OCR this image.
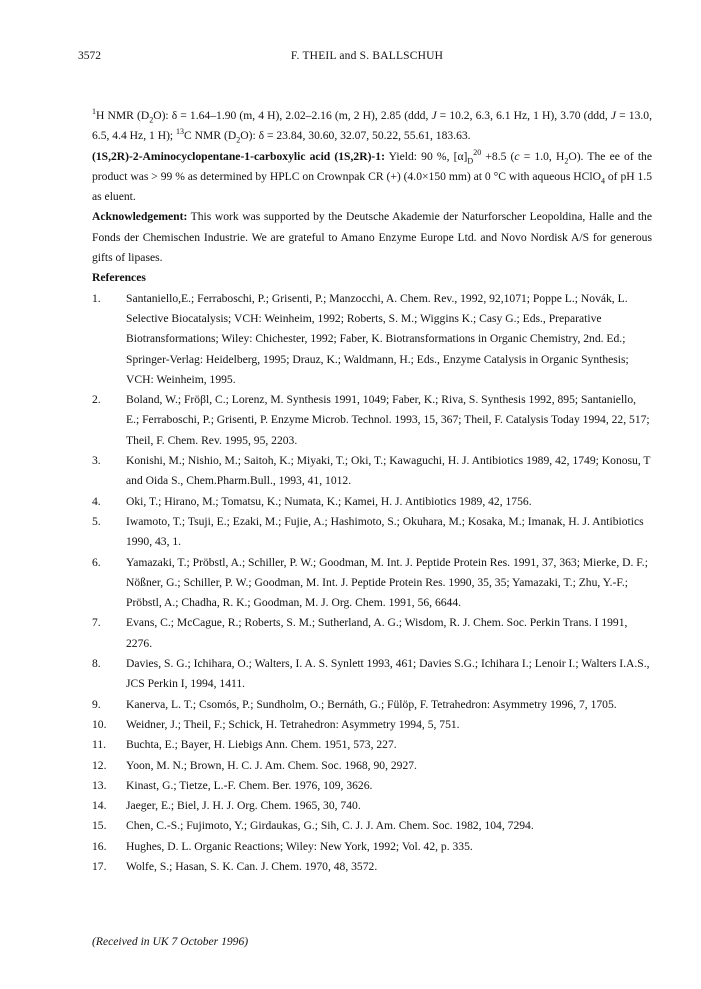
3572	F. THEIL and S. BALLSCHUH

$^1$H NMR $(D_2O)$: δ = 1.64–1.90 (m, 4 H), 2.02–2.16 (m, 2 H), 2.85 (ddd, J = 10.2, 6.3, 6.1 Hz, 1 H), 3.70 (ddd, J = 13.0, 6.5, 4.4 Hz, 1 H); $^{13}$C NMR $(D_2O)$: δ = 23.84, 30.60, 32.07, 50.22, 55.61, 183.63.

(1S,2R)-2-Aminocyclopentane-1-carboxylic acid (1S,2R)-1: Yield: 90 %, $[\alpha]_D^{20} +8.5$ (c = 1.0, $H_2O$). The ee of the product was > 99 % as determined by HPLC on Crownpak CR (+) (4.0×150 mm) at 0 °C with aqueous HClO$_4$ of pH 1.5 as eluent.

Acknowledgement: This work was supported by the Deutsche Akademie der Naturforscher Leopoldina, Halle and the Fonds der Chemischen Industrie. We are grateful to Amano Enzyme Europe Ltd. and Novo Nordisk A/S for generous gifts of lipases.

References

1.	Santaniello,E.; Ferraboschi, P.; Grisenti, P.; Manzocchi, A. Chem. Rev., 1992, 92,1071; Poppe L.; Novák, L. Selective Biocatalysis; VCH: Weinheim, 1992; Roberts, S. M.; Wiggins K.; Casy G.; Eds., Preparative Biotransformations; Wiley: Chichester, 1992; Faber, K. Biotransformations in Organic Chemistry, 2nd. Ed.; Springer-Verlag: Heidelberg, 1995; Drauz, K.; Waldmann, H.; Eds., Enzyme Catalysis in Organic Synthesis; VCH: Weinheim, 1995.
2.	Boland, W.; Fröβl, C.; Lorenz, M. Synthesis 1991, 1049; Faber, K.; Riva, S. Synthesis 1992, 895; Santaniello, E.; Ferraboschi, P.; Grisenti, P. Enzyme Microb. Technol. 1993, 15, 367; Theil, F. Catalysis Today 1994, 22, 517; Theil, F. Chem. Rev. 1995, 95, 2203.
3.	Konishi, M.; Nishio, M.; Saitoh, K.; Miyaki, T.; Oki, T.; Kawaguchi, H. J. Antibiotics 1989, 42, 1749; Konosu, T and Oida S., Chem.Pharm.Bull., 1993, 41, 1012.
4.	Oki, T.; Hirano, M.; Tomatsu, K.; Numata, K.; Kamei, H. J. Antibiotics 1989, 42, 1756.
5.	Iwamoto, T.; Tsuji, E.; Ezaki, M.; Fujie, A.; Hashimoto, S.; Okuhara, M.; Kosaka, M.; Imanak, H. J. Antibiotics 1990, 43, 1.
6.	Yamazaki, T.; Pröbstl, A.; Schiller, P. W.; Goodman, M. Int. J. Peptide Protein Res. 1991, 37, 363; Mierke, D. F.; Nößner, G.; Schiller, P. W.; Goodman, M. Int. J. Peptide Protein Res. 1990, 35, 35; Yamazaki, T.; Zhu, Y.-F.; Pröbstl, A.; Chadha, R. K.; Goodman, M. J. Org. Chem. 1991, 56, 6644.
7.	Evans, C.; McCague, R.; Roberts, S. M.; Sutherland, A. G.; Wisdom, R. J. Chem. Soc. Perkin Trans. I 1991, 2276.
8.	Davies, S. G.; Ichihara, O.; Walters, I. A. S. Synlett 1993, 461; Davies S.G.; Ichihara I.; Lenoir I.; Walters I.A.S., JCS Perkin I, 1994, 1411.
9.	Kanerva, L. T.; Csomós, P.; Sundholm, O.; Bernáth, G.; Fülöp, F. Tetrahedron: Asymmetry 1996, 7, 1705.
10.	Weidner, J.; Theil, F.; Schick, H. Tetrahedron: Asymmetry 1994, 5, 751.
11.	Buchta, E.; Bayer, H. Liebigs Ann. Chem. 1951, 573, 227.
12.	Yoon, M. N.; Brown, H. C. J. Am. Chem. Soc. 1968, 90, 2927.
13.	Kinast, G.; Tietze, L.-F. Chem. Ber. 1976, 109, 3626.
14.	Jaeger, E.; Biel, J. H. J. Org. Chem. 1965, 30, 740.
15.	Chen, C.-S.; Fujimoto, Y.; Girdaukas, G.; Sih, C. J. J. Am. Chem. Soc. 1982, 104, 7294.
16.	Hughes, D. L. Organic Reactions; Wiley: New York, 1992; Vol. 42, p. 335.
17.	Wolfe, S.; Hasan, S. K. Can. J. Chem. 1970, 48, 3572.
(Received in UK 7 October 1996)
